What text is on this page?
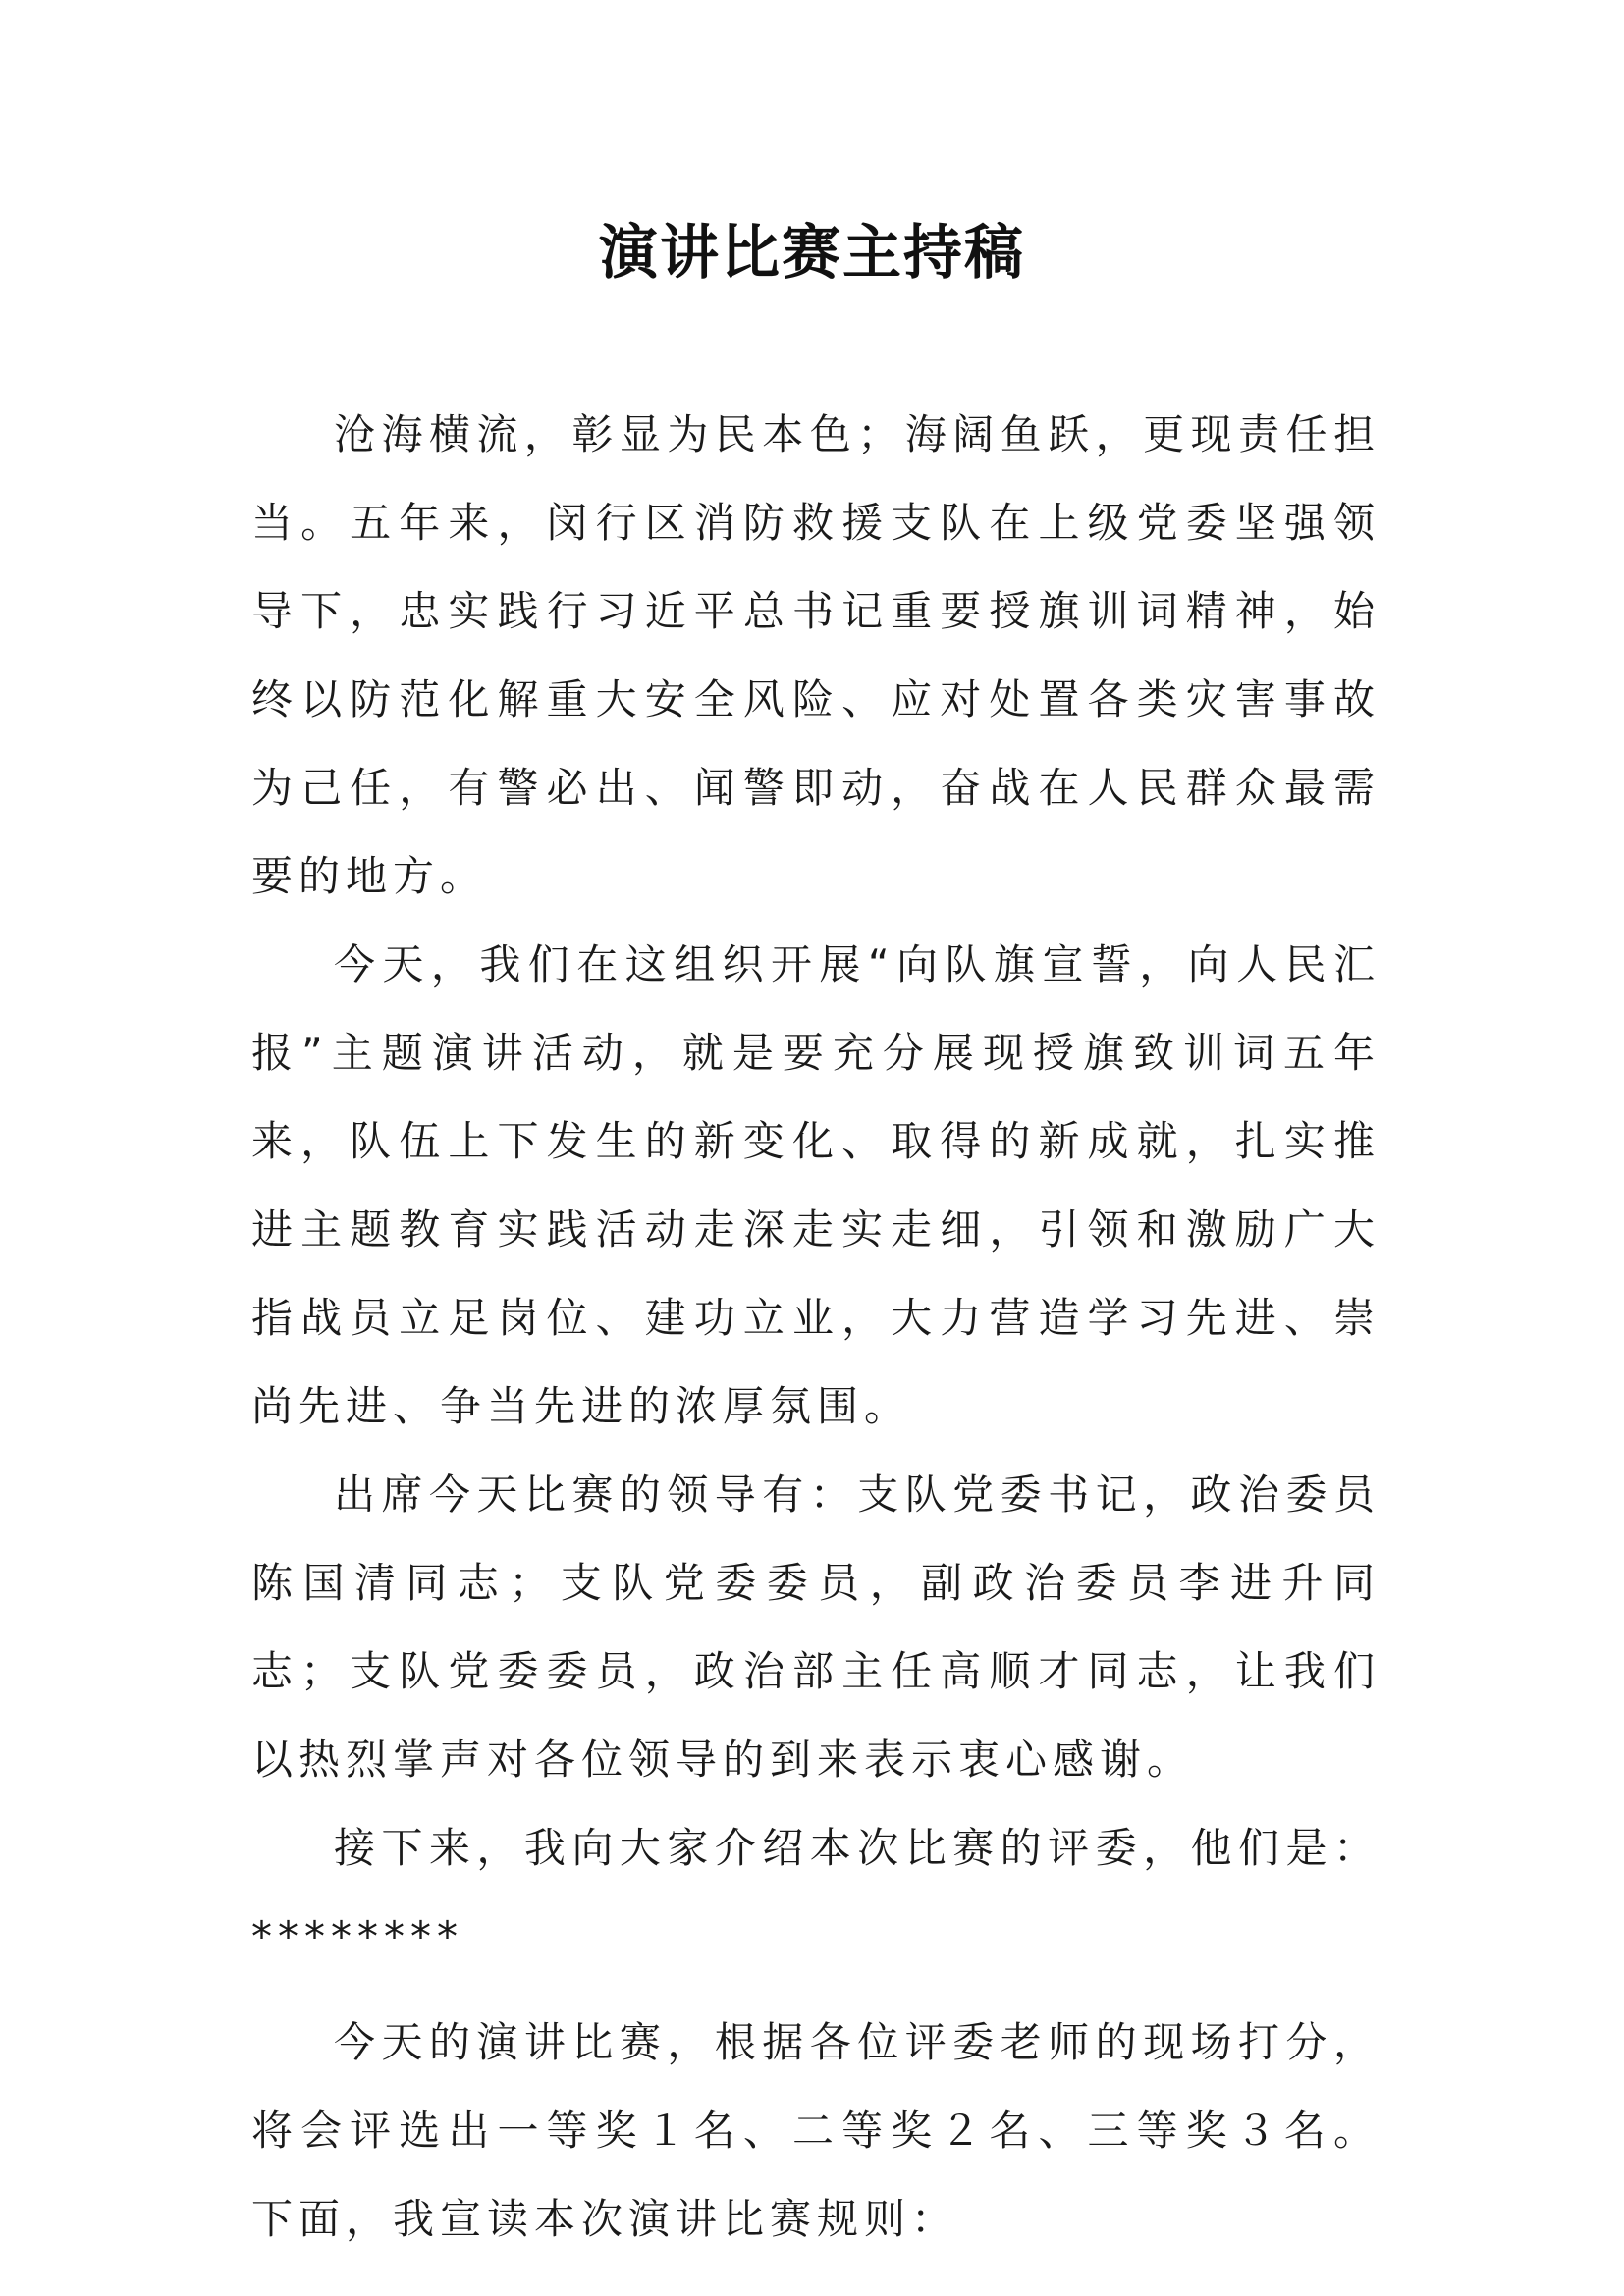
演讲比赛主持稿

沧海横流，彰显为民本色；海阔鱼跃，更现责任担当。五年来，闵行区消防救援支队在上级党委坚强领导下，忠实践行习近平总书记重要授旗训词精神，始终以防范化解重大安全风险、应对处置各类灾害事故为己任，有警必出、闻警即动，奋战在人民群众最需要的地方。

今天，我们在这组织开展“向队旗宣誓，向人民汇报”主题演讲活动，就是要充分展现授旗致训词五年来，队伍上下发生的新变化、取得的新成就，扎实推进主题教育实践活动走深走实走细，引领和激励广大指战员立足岗位、建功立业，大力营造学习先进、崇尚先进、争当先进的浓厚氛围。

出席今天比赛的领导有：支队党委书记，政治委员陈国清同志；支队党委委员，副政治委员李进升同志；支队党委委员，政治部主任高顺才同志，让我们以热烈掌声对各位领导的到来表示衷心感谢。

接下来，我向大家介绍本次比赛的评委，他们是：********

今天的演讲比赛，根据各位评委老师的现场打分，将会评选出一等奖１名、二等奖２名、三等奖３名。下面，我宣读本次演讲比赛规则：
